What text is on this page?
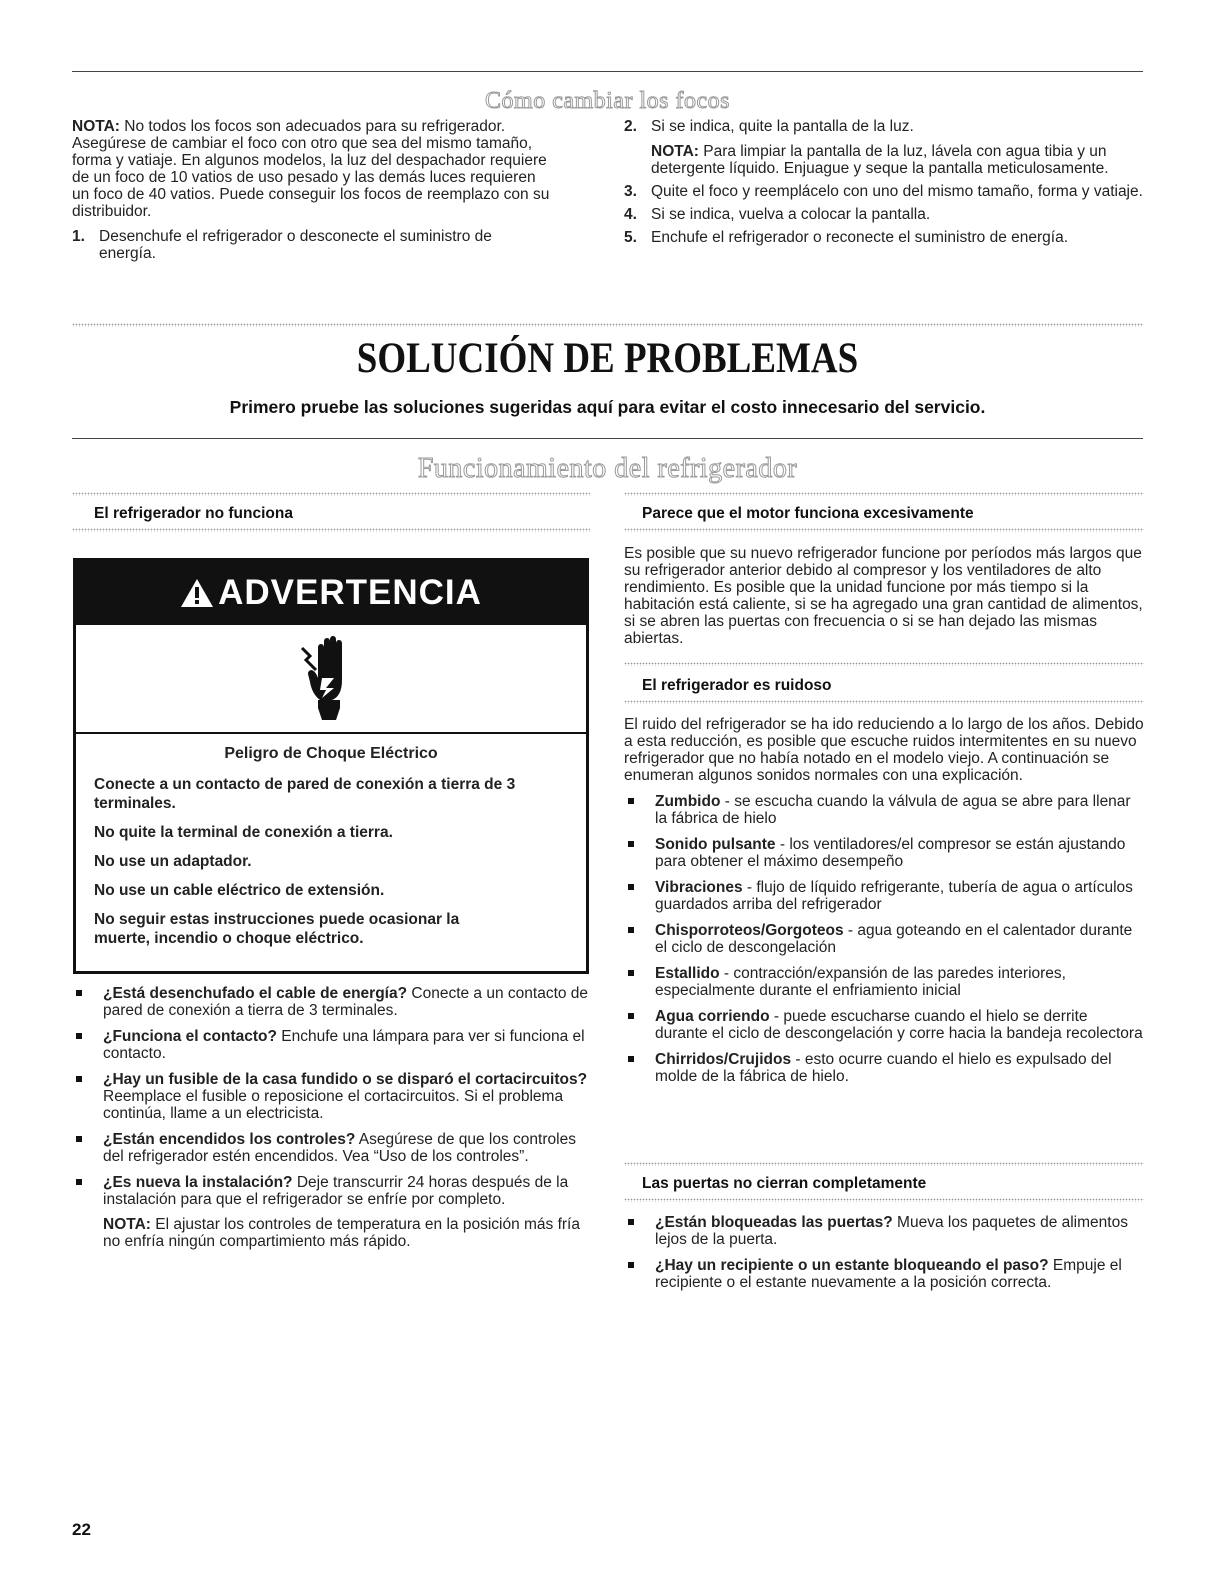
Cómo cambiar los focos

NOTA: No todos los focos son adecuados para su refrigerador. Asegúrese de cambiar el foco con otro que sea del mismo tamaño, forma y vatiaje. En algunos modelos, la luz del despachador requiere de un foco de 10 vatios de uso pesado y las demás luces requieren un foco de 40 vatios. Puede conseguir los focos de reemplazo con su distribuidor.

1. Desenchufe el refrigerador o desconecte el suministro de energía.
2. Si se indica, quite la pantalla de la luz.
NOTA: Para limpiar la pantalla de la luz, lávela con agua tibia y un detergente líquido. Enjuague y seque la pantalla meticulosamente.
3. Quite el foco y reemplácelo con uno del mismo tamaño, forma y vatiaje.
4. Si se indica, vuelva a colocar la pantalla.
5. Enchufe el refrigerador o reconecte el suministro de energía.
SOLUCIÓN DE PROBLEMAS
Primero pruebe las soluciones sugeridas aquí para evitar el costo innecesario del servicio.
Funcionamiento del refrigerador
El refrigerador no funciona
ADVERTENCIA
Peligro de Choque Eléctrico
Conecte a un contacto de pared de conexión a tierra de 3 terminales.
No quite la terminal de conexión a tierra.
No use un adaptador.
No use un cable eléctrico de extensión.
No seguir estas instrucciones puede ocasionar la muerte, incendio o choque eléctrico.
¿Está desenchufado el cable de energía? Conecte a un contacto de pared de conexión a tierra de 3 terminales.
¿Funciona el contacto? Enchufe una lámpara para ver si funciona el contacto.
¿Hay un fusible de la casa fundido o se disparó el cortacircuitos? Reemplace el fusible o reposicione el cortacircuitos. Si el problema continúa, llame a un electricista.
¿Están encendidos los controles? Asegúrese de que los controles del refrigerador estén encendidos. Vea “Uso de los controles”.
¿Es nueva la instalación? Deje transcurrir 24 horas después de la instalación para que el refrigerador se enfríe por completo.
NOTA: El ajustar los controles de temperatura en la posición más fría no enfría ningún compartimiento más rápido.
Parece que el motor funciona excesivamente

Es posible que su nuevo refrigerador funcione por períodos más largos que su refrigerador anterior debido al compresor y los ventiladores de alto rendimiento. Es posible que la unidad funcione por más tiempo si la habitación está caliente, si se ha agregado una gran cantidad de alimentos, si se abren las puertas con frecuencia o si se han dejado las mismas abiertas.

El refrigerador es ruidoso

El ruido del refrigerador se ha ido reduciendo a lo largo de los años. Debido a esta reducción, es posible que escuche ruidos intermitentes en su nuevo refrigerador que no había notado en el modelo viejo. A continuación se enumeran algunos sonidos normales con una explicación.

Zumbido - se escucha cuando la válvula de agua se abre para llenar la fábrica de hielo
Sonido pulsante - los ventiladores/el compresor se están ajustando para obtener el máximo desempeño
Vibraciones - flujo de líquido refrigerante, tubería de agua o artículos guardados arriba del refrigerador
Chisporroteos/Gorgoteos - agua goteando en el calentador durante el ciclo de descongelación
Estallido - contracción/expansión de las paredes interiores, especialmente durante el enfriamiento inicial
Agua corriendo - puede escucharse cuando el hielo se derrite durante el ciclo de descongelación y corre hacia la bandeja recolectora
Chirridos/Crujidos - esto ocurre cuando el hielo es expulsado del molde de la fábrica de hielo.
Las puertas no cierran completamente
¿Están bloqueadas las puertas? Mueva los paquetes de alimentos lejos de la puerta.
¿Hay un recipiente o un estante bloqueando el paso? Empuje el recipiente o el estante nuevamente a la posición correcta.
22
